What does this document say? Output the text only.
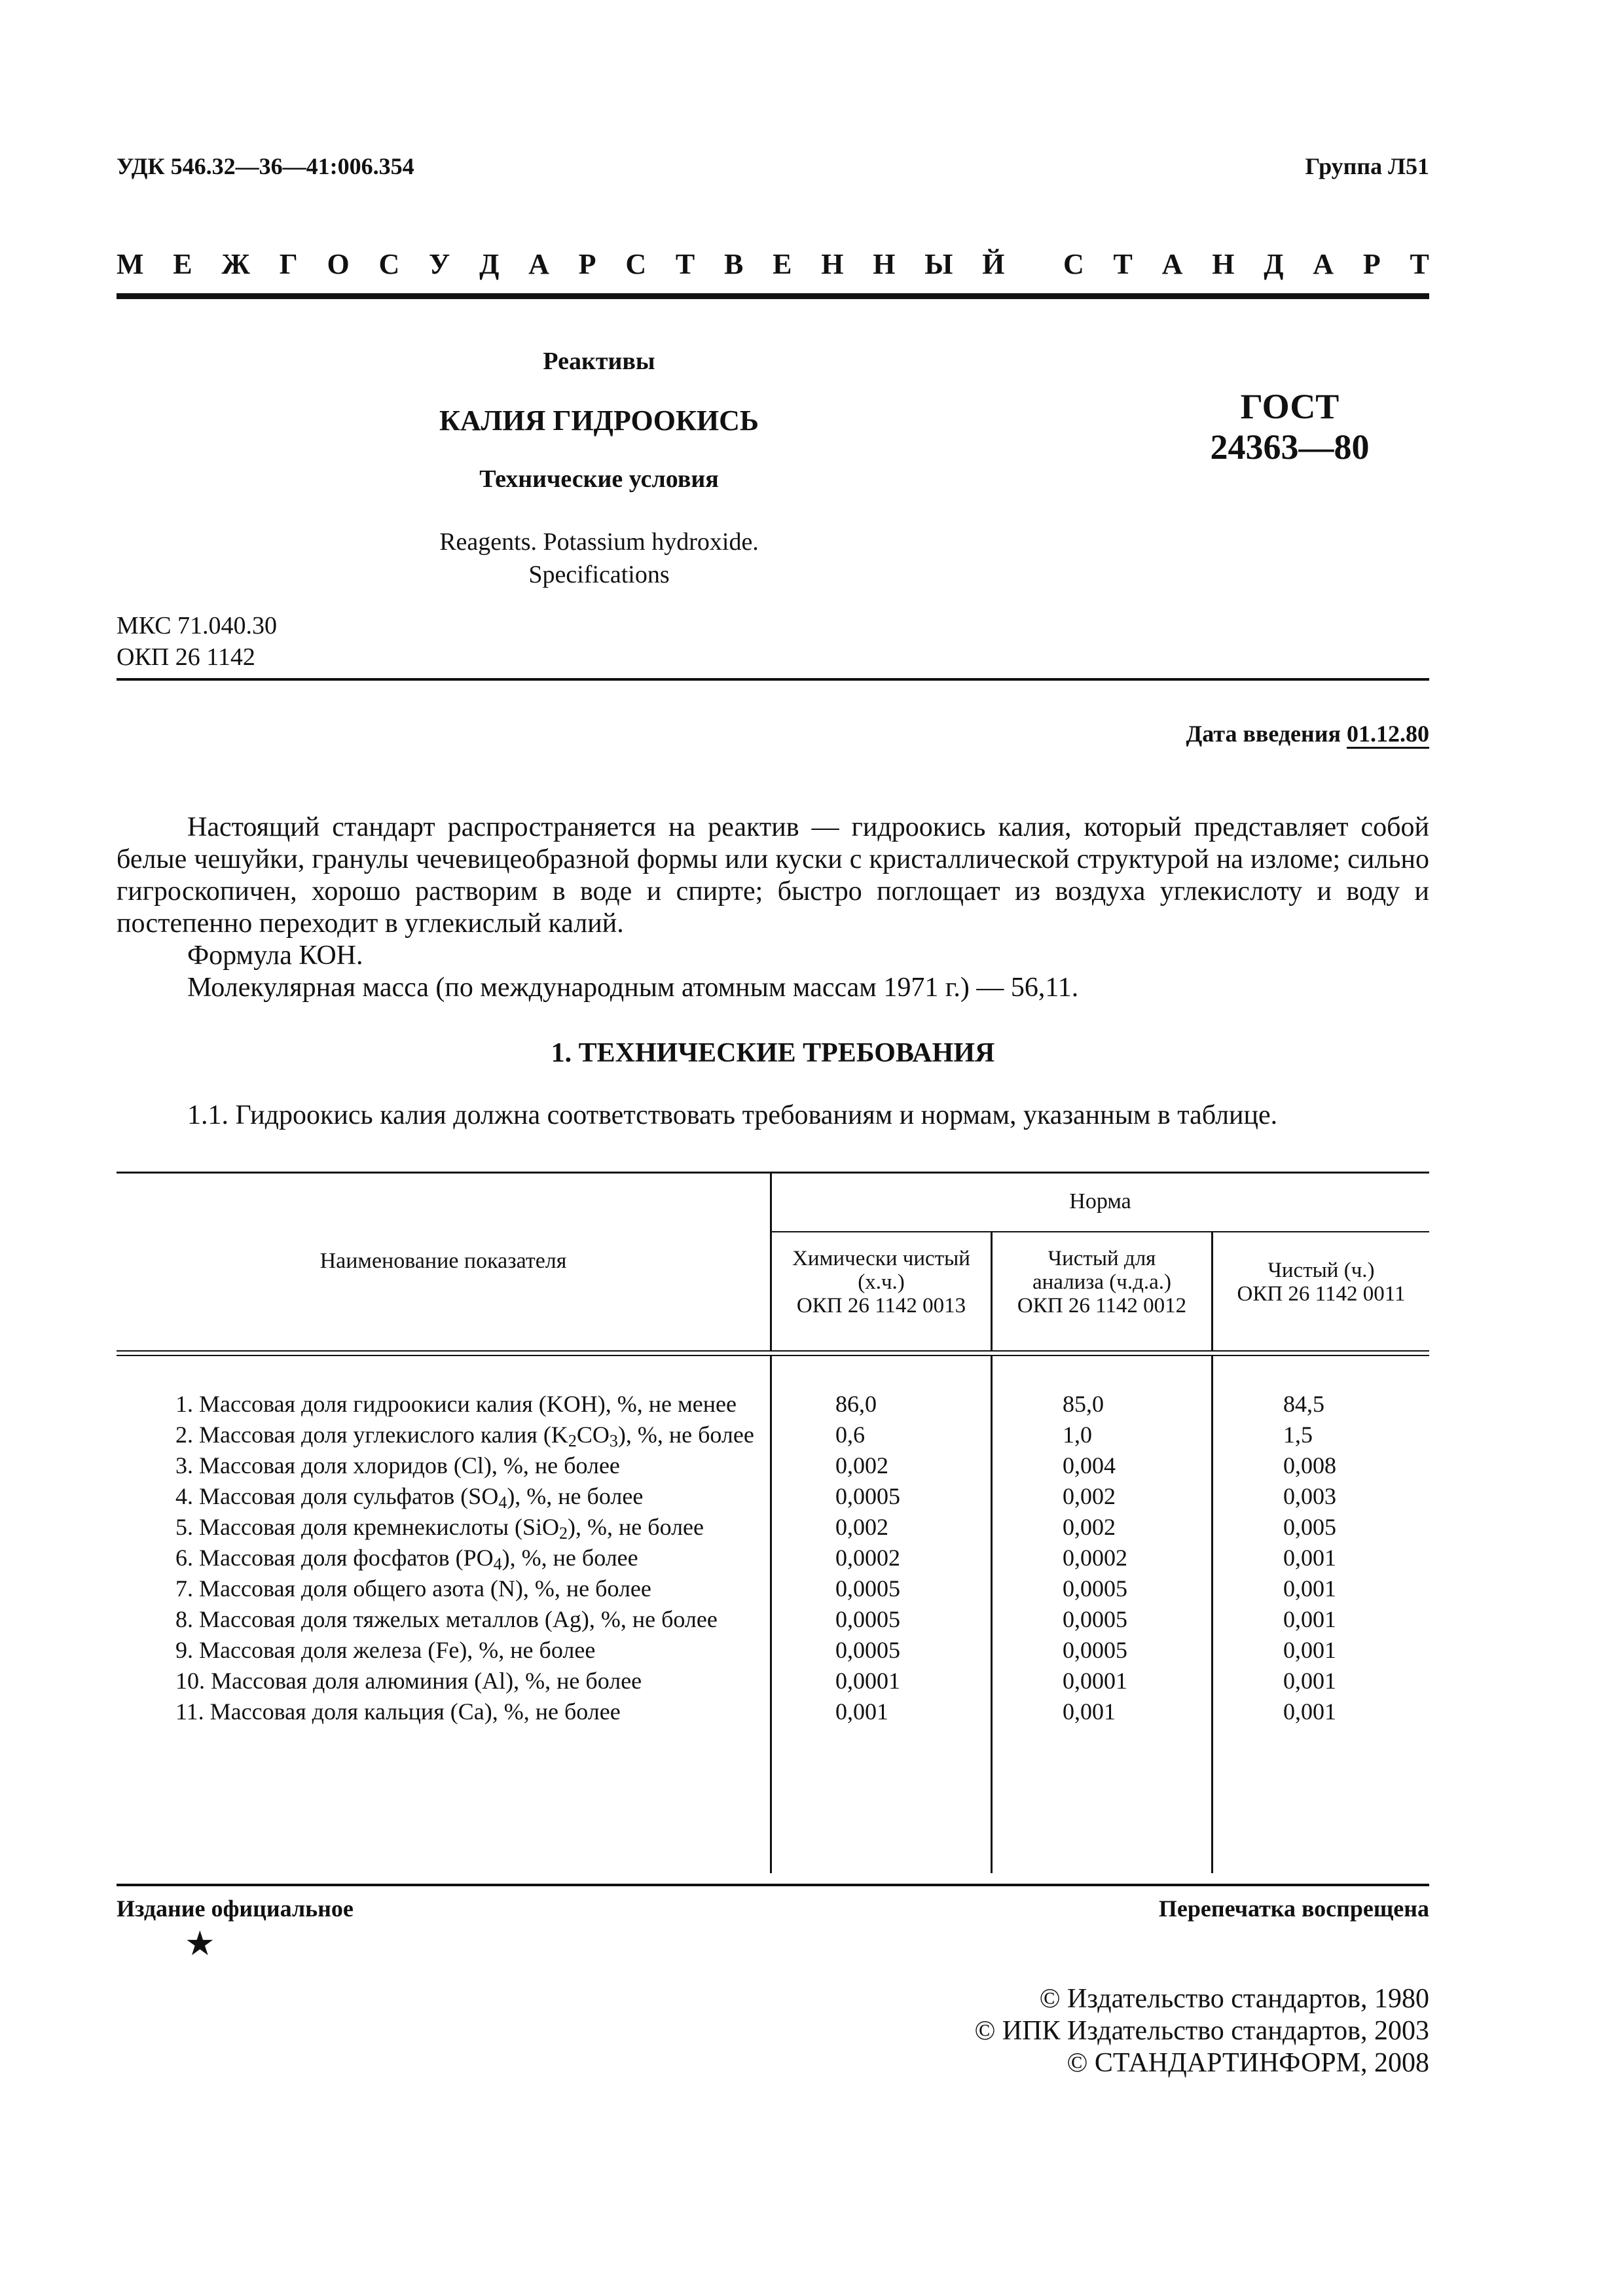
УДК 546.32—36—41:006.354	Группа Л51
М Е Ж Г О С У Д А Р С Т В Е Н Н Ы Й С Т А Н Д А Р Т
Реактивы
КАЛИЯ ГИДРООКИСЬ
Технические условия
Reagents. Potassium hydroxide.
Specifications
ГОСТ
24363—80
МКС 71.040.30
ОКП 26 1142
Дата введения 01.12.80

Настоящий стандарт распространяется на реактив — гидроокись калия, который представляет собой белые чешуйки, гранулы чечевицеобразной формы или куски с кристаллической структурой на изломе; сильно гигроскопичен, хорошо растворим в воде и спирте; быстро поглощает из воздуха углекислоту и воду и постепенно переходит в углекислый калий.

Формула КОН.

Молекулярная масса (по международным атомным массам 1971 г.) — 56,11.

1. ТЕХНИЧЕСКИЕ ТРЕБОВАНИЯ
1.1. Гидроокись калия должна соответствовать требованиям и нормам, указанным в таблице.
Наименование показателя
Норма
Химически чистый
(х.ч.)
ОКП 26 1142 0013
Чистый для
анализа (ч.д.а.)
ОКП 26 1142 0012
Чистый (ч.)
ОКП 26 1142 0011
1. Массовая доля гидроокиси калия (KOH), %, не менее	86,0	85,0	84,5
2. Массовая доля углекислого калия $(K_2CO_3)$, %, не более	0,6	1,0	1,5
3. Массовая доля хлоридов (Cl), %, не более	0,002	0,004	0,008
4. Массовая доля сульфатов $(SO_4)$, %, не более	0,0005	0,002	0,003
5. Массовая доля кремнекислоты (SiO$_2$), %, не более	0,002	0,002	0,005
6. Массовая доля фосфатов $(PO_4)$, %, не более	0,0002	0,0002	0,001
7. Массовая доля общего азота (N), %, не более	0,0005	0,0005	0,001
8. Массовая доля тяжелых металлов (Ag), %, не более	0,0005	0,0005	0,001
9. Массовая доля железа (Fe), %, не более	0,0005	0,0005	0,001
10. Массовая доля алюминия (Al), %, не более	0,0001	0,0001	0,001
11. Массовая доля кальция (Ca), %, не более	0,001	0,001	0,001
Издание официальное	Перепечатка воспрещена
★
© Издательство стандартов, 1980
© ИПК Издательство стандартов, 2003
© СТАНДАРТИНФОРМ, 2008
